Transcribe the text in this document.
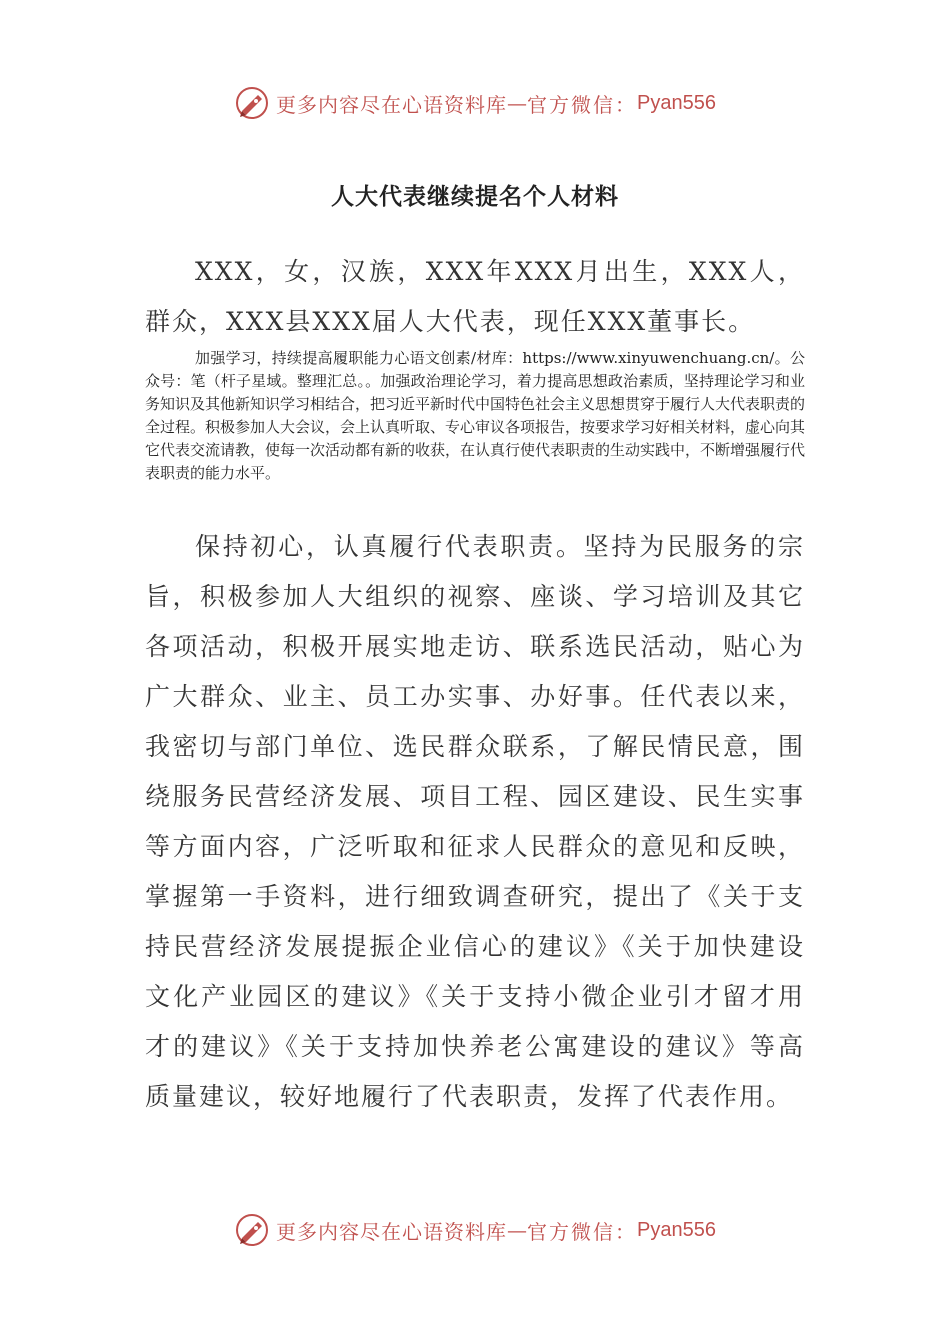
更多内容尽在心语资料库 — 官方微信： Pyan556
人大代表继续提名个人材料

XXX，女，汉族，XXX年XXX月出生，XXX人，群众，XXX县XXX届人大代表，现任XXX董事长。

加强学习，持续提高履职能力心语文创素/材库：https://www.xinyuwenchuang.cn/。公众号：笔（杆子星域。整理汇总。。加强政治理论学习，着力提高思想政治素质，坚持理论学习和业务知识及其他新知识学习相结合，把习近平新时代中国特色社会主义思想贯穿于履行人大代表职责的全过程。积极参加人大会议，会上认真听取、专心审议各项报告，按要求学习好相关材料，虚心向其它代表交流请教，使每一次活动都有新的收获，在认真行使代表职责的生动实践中，不断增强履行代表职责的能力水平。

保持初心，认真履行代表职责。坚持为民服务的宗旨，积极参加人大组织的视察、座谈、学习培训及其它各项活动，积极开展实地走访、联系选民活动，贴心为广大群众、业主、员工办实事、办好事。任代表以来，我密切与部门单位、选民群众联系，了解民情民意，围绕服务民营经济发展、项目工程、园区建设、民生实事等方面内容，广泛听取和征求人民群众的意见和反映，掌握第一手资料，进行细致调查研究，提出了《关于支持民营经济发展提振企业信心的建议》《关于加快建设文化产业园区的建议》《关于支持小微企业引才留才用才的建议》《关于支持加快养老公寓建设的建议》等高质量建议，较好地履行了代表职责，发挥了代表作用。

更多内容尽在心语资料库 — 官方微信： Pyan556
